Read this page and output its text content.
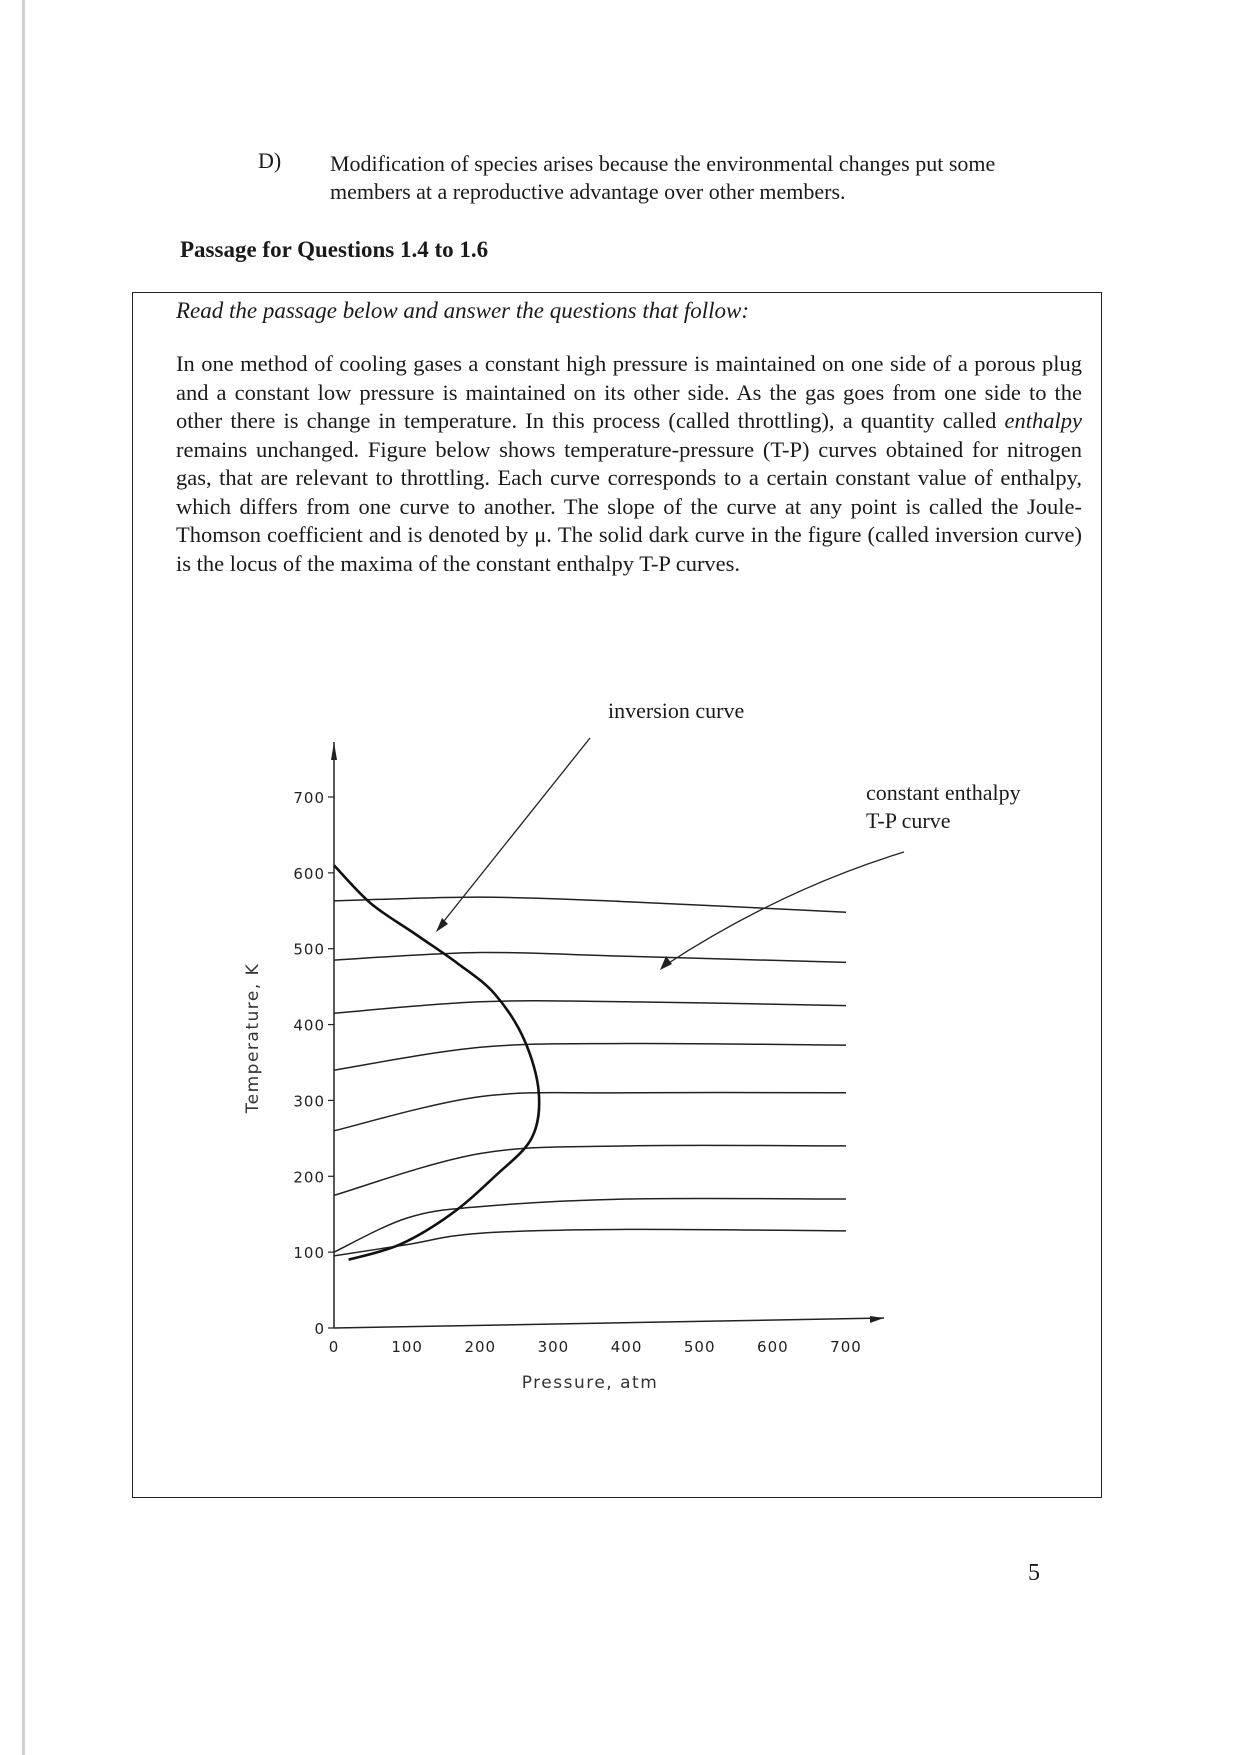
D) Modification of species arises because the environmental changes put some members at a reproductive advantage over other members.
Passage for Questions 1.4 to 1.6
Read the passage below and answer the questions that follow:
In one method of cooling gases a constant high pressure is maintained on one side of a porous plug and a constant low pressure is maintained on its other side. As the gas goes from one side to the other there is change in temperature. In this process (called throttling), a quantity called enthalpy remains unchanged. Figure below shows temperature-pressure (T-P) curves obtained for nitrogen gas, that are relevant to throttling. Each curve corresponds to a certain constant value of enthalpy, which differs from one curve to another. The slope of the curve at any point is called the Joule-Thomson coefficient and is denoted by μ. The solid dark curve in the figure (called inversion curve) is the locus of the maxima of the constant enthalpy T-P curves.
0
100
200
300
400
500
600
700
0	100	200	300	400	500	600	700
Pressure, atm
Temperature, K
inversion curve
constant enthalpy
T-P curve
5
